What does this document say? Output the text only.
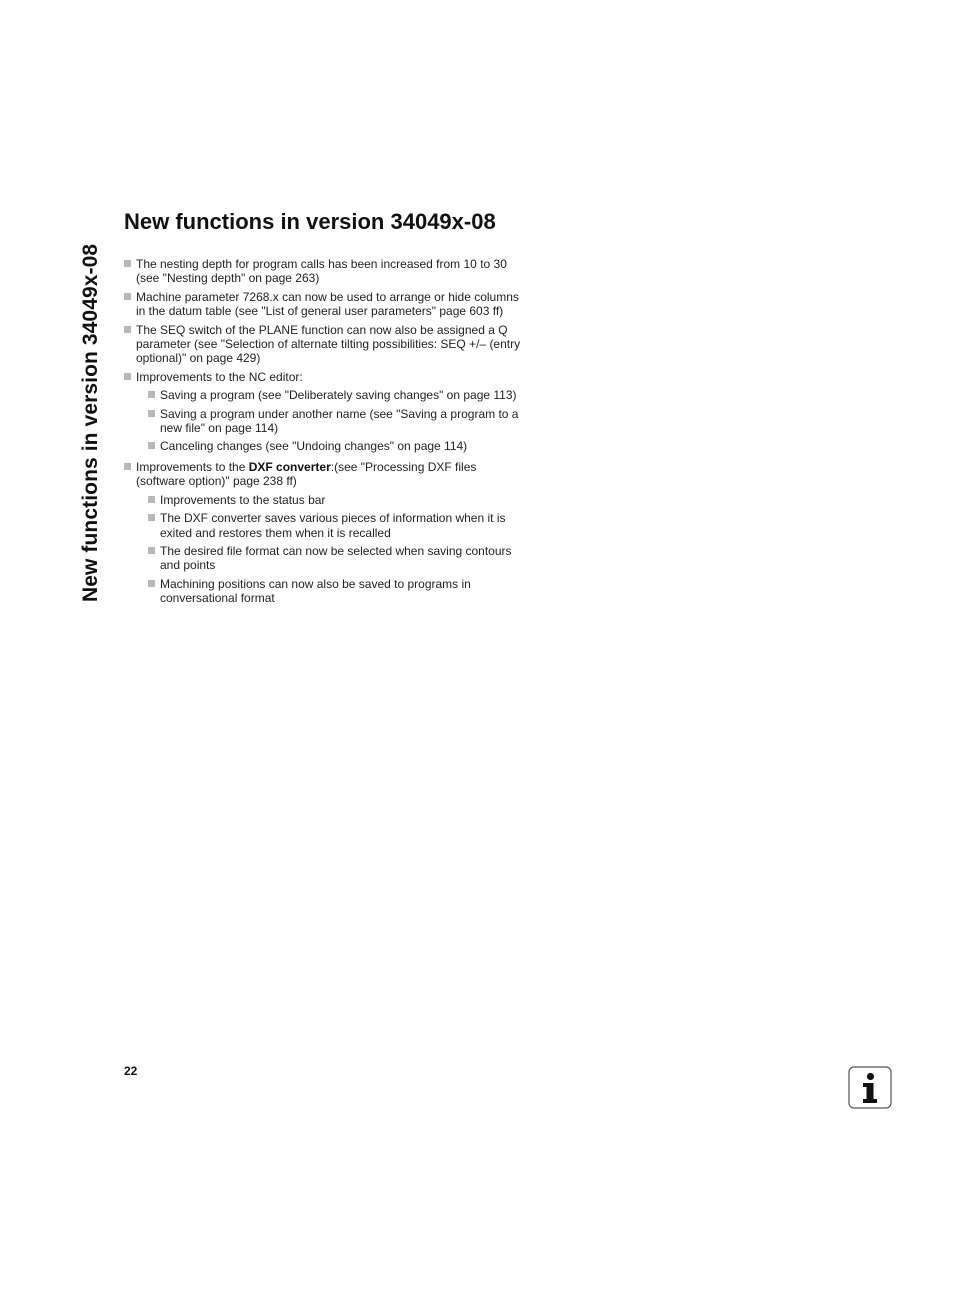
New functions in version 34049x-08
New functions in version 34049x-08
The nesting depth for program calls has been increased from 10 to 30 (see "Nesting depth" on page 263)
Machine parameter 7268.x can now be used to arrange or hide columns in the datum table (see "List of general user parameters" page 603 ff)
The SEQ switch of the PLANE function can now also be assigned a Q parameter (see "Selection of alternate tilting possibilities: SEQ +/– (entry optional)" on page 429)
Improvements to the NC editor:
Saving a program (see "Deliberately saving changes" on page 113)
Saving a program under another name (see "Saving a program to a new file" on page 114)
Canceling changes (see "Undoing changes" on page 114)
Improvements to the DXF converter:(see "Processing DXF files (software option)" page 238 ff)
Improvements to the status bar
The DXF converter saves various pieces of information when it is exited and restores them when it is recalled
The desired file format can now be selected when saving contours and points
Machining positions can now also be saved to programs in conversational format
22
